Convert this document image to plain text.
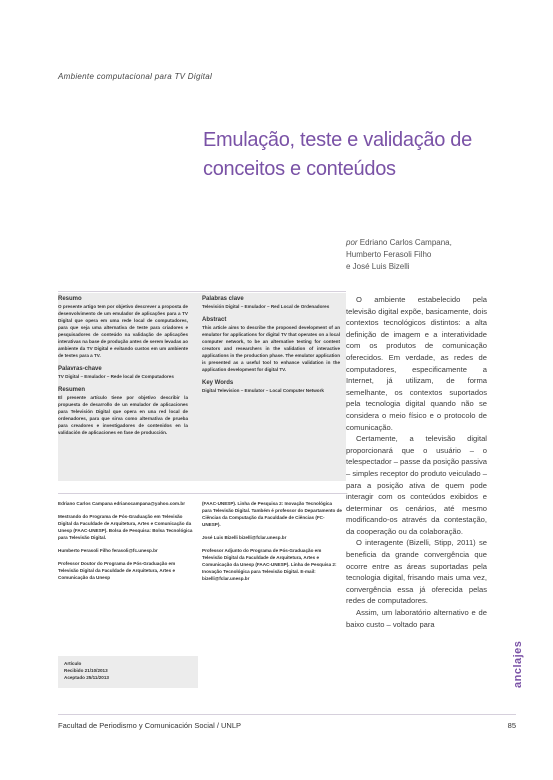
Ambiente computacional para TV Digital
Emulação, teste e validação de conceitos e conteúdos
por Edriano Carlos Campana,
Humberto Ferasoli Filho
e José Luis Bizelli
Resumo

O presente artigo tem por objetivo descrever a proposta de desenvolvimento de um emulador de aplicações para a TV Digital que opera em uma rede local de computadores, para que seja uma alternativa de teste para criadores e pesquisadores de conteúdo na validação de aplicações interativas na base de produção antes de serem levadas ao ambiente da TV Digital e evitando custos em um ambiente de testes para a TV.

Palavras-chave

TV Digital – Emulador – Rede local de Computadores

Resumen

El presente artículo tiene por objetivo describir la propuesta de desarrollo de un emulador de aplicaciones para Televisión Digital que opera en una red local de ordenadores, para que sirva como alternativa de prueba para creadores e investigadores de contenidos en la validación de aplicaciones en fase de producción.

Palabras clave

Televisión Digital – Emulador – Red Local de Ordenadores

Abstract

This article aims to describe the proposed development of an emulator for applications for digital TV that operates on a local computer network, to be an alternative testing for content creators and researchers in the validation of interactive applications in the production phase. The emulator application is presented as a useful tool to enhance validation in the application development for digital TV.

Key Words

Digital Television – Emulator – Local Computer Network

O ambiente estabelecido pela televisão digital expõe, basicamente, dois contextos tecnológicos distintos: a alta definição de imagem e a interatividade com os produtos de comunicação oferecidos. Em verdade, as redes de computadores, especificamente a Internet, já utilizam, de forma semelhante, os contextos suportados pela tecnologia digital quando não se considera o meio físico e o protocolo de comunicação.

Certamente, a televisão digital proporcionará que o usuário – o telespectador – passe da posição passiva – simples receptor do produto veiculado – para a posição ativa de quem pode interagir com os conteúdos exibidos e determinar os cenários, até mesmo modificando-os através da contestação, da cooperação ou da colaboração.

O interagente (Bizelli, Stipp, 2011) se beneficia da grande convergência que ocorre entre as áreas suportadas pela tecnologia digital, frisando mais uma vez, convergência essa já oferecida pelas redes de computadores.

Assim, um laboratório alternativo e de baixo custo – voltado para

Edriano Carlos Campana edrianocampana@yahoo.com.br

Mestrando do Programa de Pós-Graduação em Televisão Digital da Faculdade de Arquitetura, Artes e Comunicação da Unesp (FAAC-UNESP). Bolsa de Pesquisa: Bolsa Tecnológica para Televisão Digital.

Humberto Ferasoli Filho ferasoli@fc.unesp.br

Professor Doutor do Programa de Pós-Graduação em Televisão Digital da Faculdade de Arquitetura, Artes e Comunicação da Unesp

(FAAC-UNESP). Linha de Pesquisa 2: Inovação Tecnológica para Televisão Digital. Também é professor do Departamento de Ciências da Computação da Faculdade de Ciências (FC-UNESP).

José Luis Bizelli bizelli@fclar.unesp.br

Professor Adjunto do Programa de Pós-Graduação em Televisão Digital da Faculdade de Arquitetura, Artes e Comunicação da Unesp (FAAC-UNESP). Linha de Pesquisa 2: Inovação Tecnológica para Televisão Digital. E-mail: bizelli@fclar.unesp.br

Artículo
Recibido 21/10/2013
Aceptado 25/11/2013	anclajes
Facultad de Periodismo y Comunicación Social / UNLP	85
